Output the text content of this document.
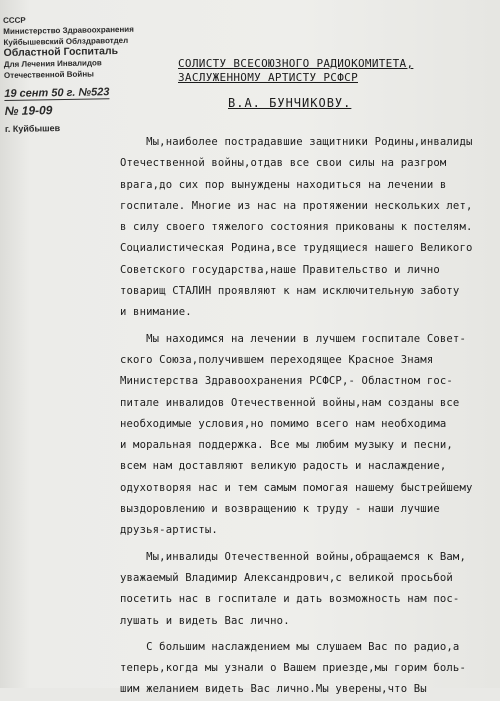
СССР
Министерство Здравоохранения
Куйбышевский Облздравотдел
Областной Госпиталь
Для Лечения Инвалидов
Отечественной Войны
19 сент 50 г. №523
№ 19-09
г. Куйбышев
СОЛИСТУ ВСЕСОЮЗНОГО РАДИОКОМИТЕТА,
ЗАСЛУЖЕННОМУ АРТИСТУ РСФСР
В.А. БУНЧИКОВУ.
Мы,наиболее пострадавшие защитники Родины,инвалиды
Отечественной войны,отдав все свои силы на разгром
врага,до сих пор вынуждены находиться на лечении в
госпитале. Многие из нас на протяжении нескольких лет,
в силу своего тяжелого состояния прикованы к постелям.
Социалистическая Родина,все трудящиеся нашего Великого
Советского государства,наше Правительство и лично
товарищ СТАЛИН проявляют к нам исключительную заботу
и внимание.
Мы находимся на лечении в лучшем госпитале Совет-
ского Союза,получившем переходящее Красное Знамя
Министерства Здравоохранения РСФСР,- Областном гос-
питале инвалидов Отечественной войны,нам созданы все
необходимые условия,но помимо всего нам необходима
и моральная поддержка. Все мы любим музыку и песни,
всем нам доставляют великую радость и наслаждение,
одухотворяя нас и тем самым помогая нашему быстрейшему
выздоровлению и возвращению к труду - наши лучшие
друзья-артисты.
Мы,инвалиды Отечественной войны,обращаемся к Вам,
уважаемый Владимир Александрович,с великой просьбой
посетить нас в госпитале и дать возможность нам пос-
лушать и видеть Вас лично.
С большим наслаждением мы слушаем Вас по радио,а
теперь,когда мы узнали о Вашем приезде,мы горим боль-
шим желанием видеть Вас лично.Мы уверены,что Вы
